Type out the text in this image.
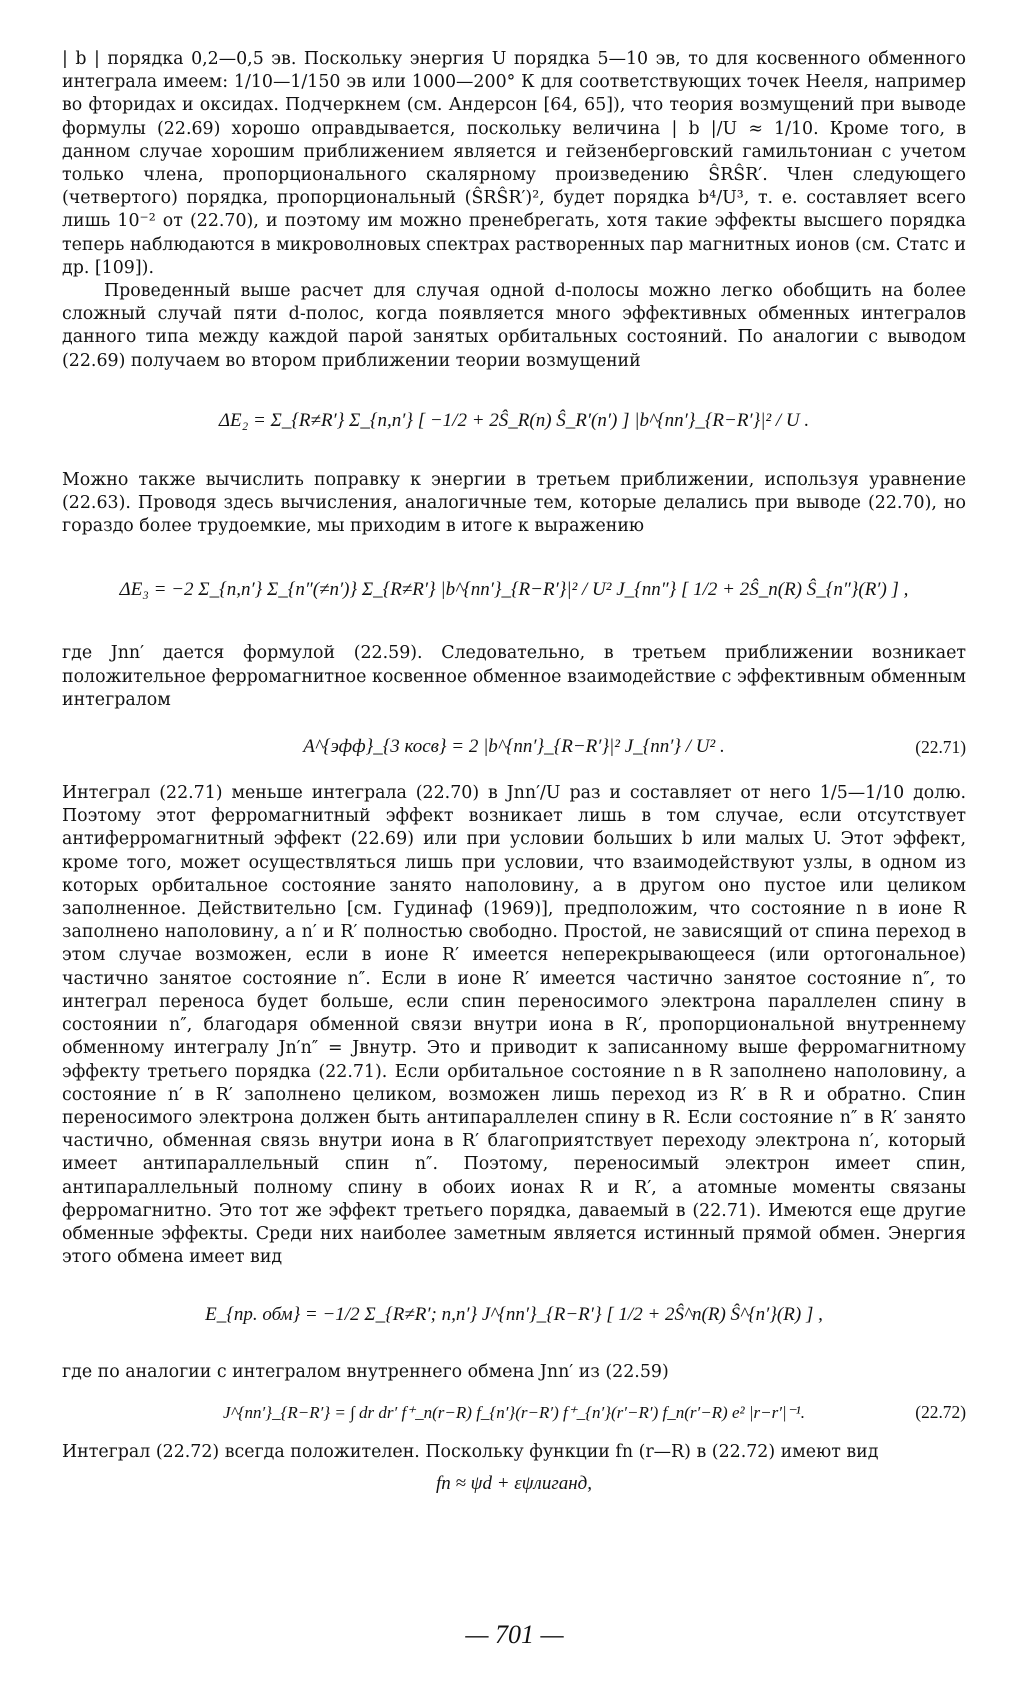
| b | порядка 0,2—0,5 эв. Поскольку энергия U порядка 5—10 эв, то для косвенного обменного интеграла имеем: 1/10—1/150 эв или 1000—200° К для соответствующих точек Нееля, например во фторидах и оксидах. Подчеркнем (см. Андерсон [64, 65]), что теория возмущений при выводе формулы (22.69) хорошо оправдывается, поскольку величина | b |/U ≈ 1/10. Кроме того, в данном случае хорошим приближением является и гейзенберговский гамильтониан с учетом только члена, пропорционального скалярному произведению ŜRŜR′. Член следующего (четвертого) порядка, пропорциональный (ŜRŜR′)², будет порядка b⁴/U³, т. е. составляет всего лишь 10⁻² от (22.70), и поэтому им можно пренебрегать, хотя такие эффекты высшего порядка теперь наблюдаются в микроволновых спектрах растворенных пар магнитных ионов (см. Статс и др. [109]).

Проведенный выше расчет для случая одной d-полосы можно легко обобщить на более сложный случай пяти d-полос, когда появляется много эффективных обменных интегралов данного типа между каждой парой занятых орбитальных состояний. По аналогии с выводом (22.69) получаем во втором приближении теории возмущений

ΔE₂ = Σ_{R≠R′} Σ_{n,n′} [ −1/2 + 2Ŝ_R(n) Ŝ_R′(n′) ] |b^{nn′}_{R−R′}|² / U .

Можно также вычислить поправку к энергии в третьем приближении, используя уравнение (22.63). Проводя здесь вычисления, аналогичные тем, которые делались при выводе (22.70), но гораздо более трудоемкие, мы приходим в итоге к выражению

ΔE₃ = −2 Σ_{n,n′} Σ_{n″(≠n′)} Σ_{R≠R′} |b^{nn′}_{R−R′}|² / U² J_{nn″} [ 1/2 + 2Ŝ_n(R) Ŝ_{n″}(R′) ] ,

где Jnn′ дается формулой (22.59). Следовательно, в третьем приближении возникает положительное ферромагнитное косвенное обменное взаимодействие с эффективным обменным интегралом

A^{эфф}_{3 косв} = 2 |b^{nn′}_{R−R′}|² J_{nn′} / U² .	(22.71)

Интеграл (22.71) меньше интеграла (22.70) в Jnn′/U раз и составляет от него 1/5—1/10 долю. Поэтому этот ферромагнитный эффект возникает лишь в том случае, если отсутствует антиферромагнитный эффект (22.69) или при условии больших b или малых U. Этот эффект, кроме того, может осуществляться лишь при условии, что взаимодействуют узлы, в одном из которых орбитальное состояние занято наполовину, а в другом оно пустое или целиком заполненное. Действительно [см. Гудинаф (1969)], предположим, что состояние n в ионе R заполнено наполовину, а n′ и R′ полностью свободно. Простой, не зависящий от спина переход в этом случае возможен, если в ионе R′ имеется неперекрывающееся (или ортогональное) частично занятое состояние n″. Если в ионе R′ имеется частично занятое состояние n″, то интеграл переноса будет больше, если спин переносимого электрона параллелен спину в состоянии n″, благодаря обменной связи внутри иона в R′, пропорциональной внутреннему обменному интегралу Jn′n″ = Jвнутр. Это и приводит к записанному выше ферромагнитному эффекту третьего порядка (22.71). Если орбитальное состояние n в R заполнено наполовину, а состояние n′ в R′ заполнено целиком, возможен лишь переход из R′ в R и обратно. Спин переносимого электрона должен быть антипараллелен спину в R. Если состояние n″ в R′ занято частично, обменная связь внутри иона в R′ благоприятствует переходу электрона n′, который имеет антипараллельный спин n″. Поэтому, переносимый электрон имеет спин, антипараллельный полному спину в обоих ионах R и R′, а атомные моменты связаны ферромагнитно. Это тот же эффект третьего порядка, даваемый в (22.71). Имеются еще другие обменные эффекты. Среди них наиболее заметным является истинный прямой обмен. Энергия этого обмена имеет вид

E_{пр. обм} = −1/2 Σ_{R≠R′; n,n′} J^{nn′}_{R−R′} [ 1/2 + 2Ŝ^n(R) Ŝ^{n′}(R) ] ,

где по аналогии с интегралом внутреннего обмена Jnn′ из (22.59)

J^{nn′}_{R−R′} = ∫ dr dr′ f⁺_n(r−R) f_{n′}(r−R′) f⁺_{n′}(r′−R′) f_n(r′−R) e² |r−r′|⁻¹.	(22.72)

Интеграл (22.72) всегда положителен. Поскольку функции fn (r—R) в (22.72) имеют вид

fn ≈ ψd + εψлиганд,
— 701 —
